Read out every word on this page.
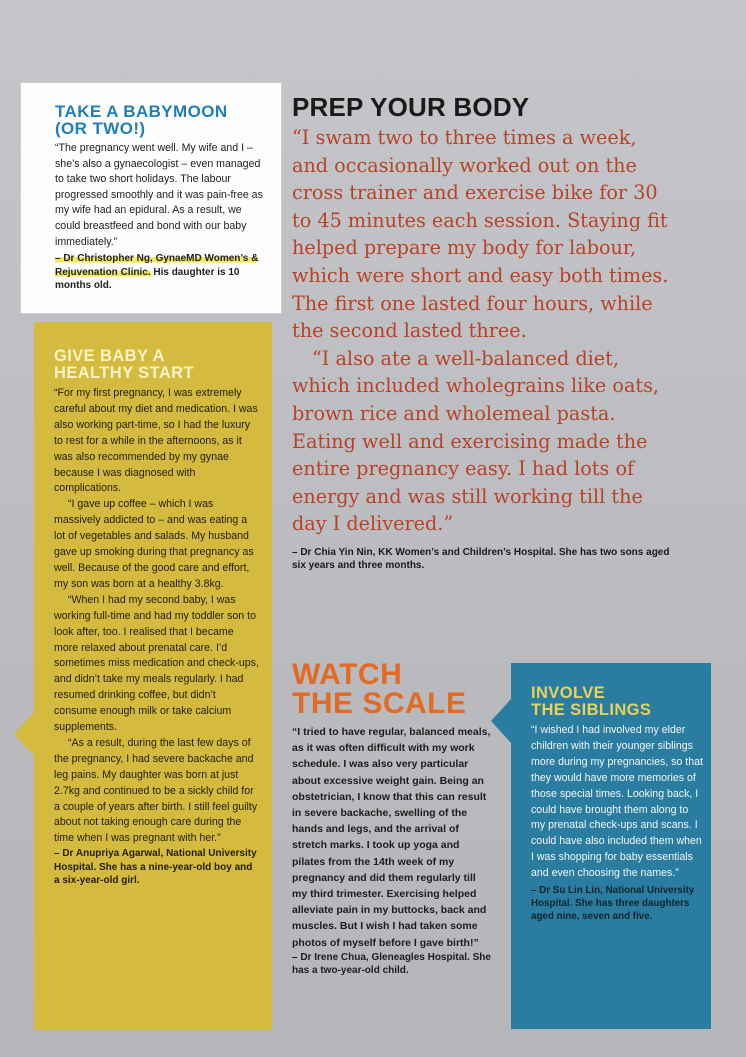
TAKE A BABYMOON
(OR TWO!)

“The pregnancy went well. My wife and I – she’s also a gynaecologist – even managed to take two short holidays. The labour progressed smoothly and it was pain-free as my wife had an epidural. As a result, we could breastfeed and bond with our baby immediately.”

– Dr Christopher Ng, GynaeMD Women’s & Rejuvenation Clinic. His daughter is 10 months old.

GIVE BABY A
HEALTHY START

“For my first pregnancy, I was extremely careful about my diet and medication. I was also working part-time, so I had the luxury to rest for a while in the afternoons, as it was also recommended by my gynae because I was diagnosed with complications.

“I gave up coffee – which I was massively addicted to – and was eating a lot of vegetables and salads. My husband gave up smoking during that pregnancy as well. Because of the good care and effort, my son was born at a healthy 3.8kg.

“When I had my second baby, I was working full-time and had my toddler son to look after, too. I realised that I became more relaxed about prenatal care. I’d sometimes miss medication and check-ups, and didn’t take my meals regularly. I had resumed drinking coffee, but didn’t consume enough milk or take calcium supplements.

“As a result, during the last few days of the pregnancy, I had severe backache and leg pains. My daughter was born at just 2.7kg and continued to be a sickly child for a couple of years after birth. I still feel guilty about not taking enough care during the time when I was pregnant with her.”

– Dr Anupriya Agarwal, National University Hospital. She has a nine-year-old boy and a six-year-old girl.

PREP YOUR BODY

“I swam two to three times a week, and occasionally worked out on the cross trainer and exercise bike for 30 to 45 minutes each session. Staying fit helped prepare my body for labour, which were short and easy both times. The first one lasted four hours, while the second lasted three.

“I also ate a well-balanced diet, which included wholegrains like oats, brown rice and wholemeal pasta. Eating well and exercising made the entire pregnancy easy. I had lots of energy and was still working till the day I delivered.”

– Dr Chia Yin Nin, KK Women’s and Children’s Hospital. She has two sons aged six years and three months.

WATCH
THE SCALE

“I tried to have regular, balanced meals, as it was often difficult with my work schedule. I was also very particular about excessive weight gain. Being an obstetrician, I know that this can result in severe backache, swelling of the hands and legs, and the arrival of stretch marks. I took up yoga and pilates from the 14th week of my pregnancy and did them regularly till my third trimester. Exercising helped alleviate pain in my buttocks, back and muscles. But I wish I had taken some photos of myself before I gave birth!”

– Dr Irene Chua, Gleneagles Hospital. She has a two-year-old child.

INVOLVE
THE SIBLINGS

“I wished I had involved my elder children with their younger siblings more during my pregnancies, so that they would have more memories of those special times. Looking back, I could have brought them along to my prenatal check-ups and scans. I could have also included them when I was shopping for baby essentials and even choosing the names.”

– Dr Su Lin Lin, National University Hospital. She has three daughters aged nine, seven and five.
